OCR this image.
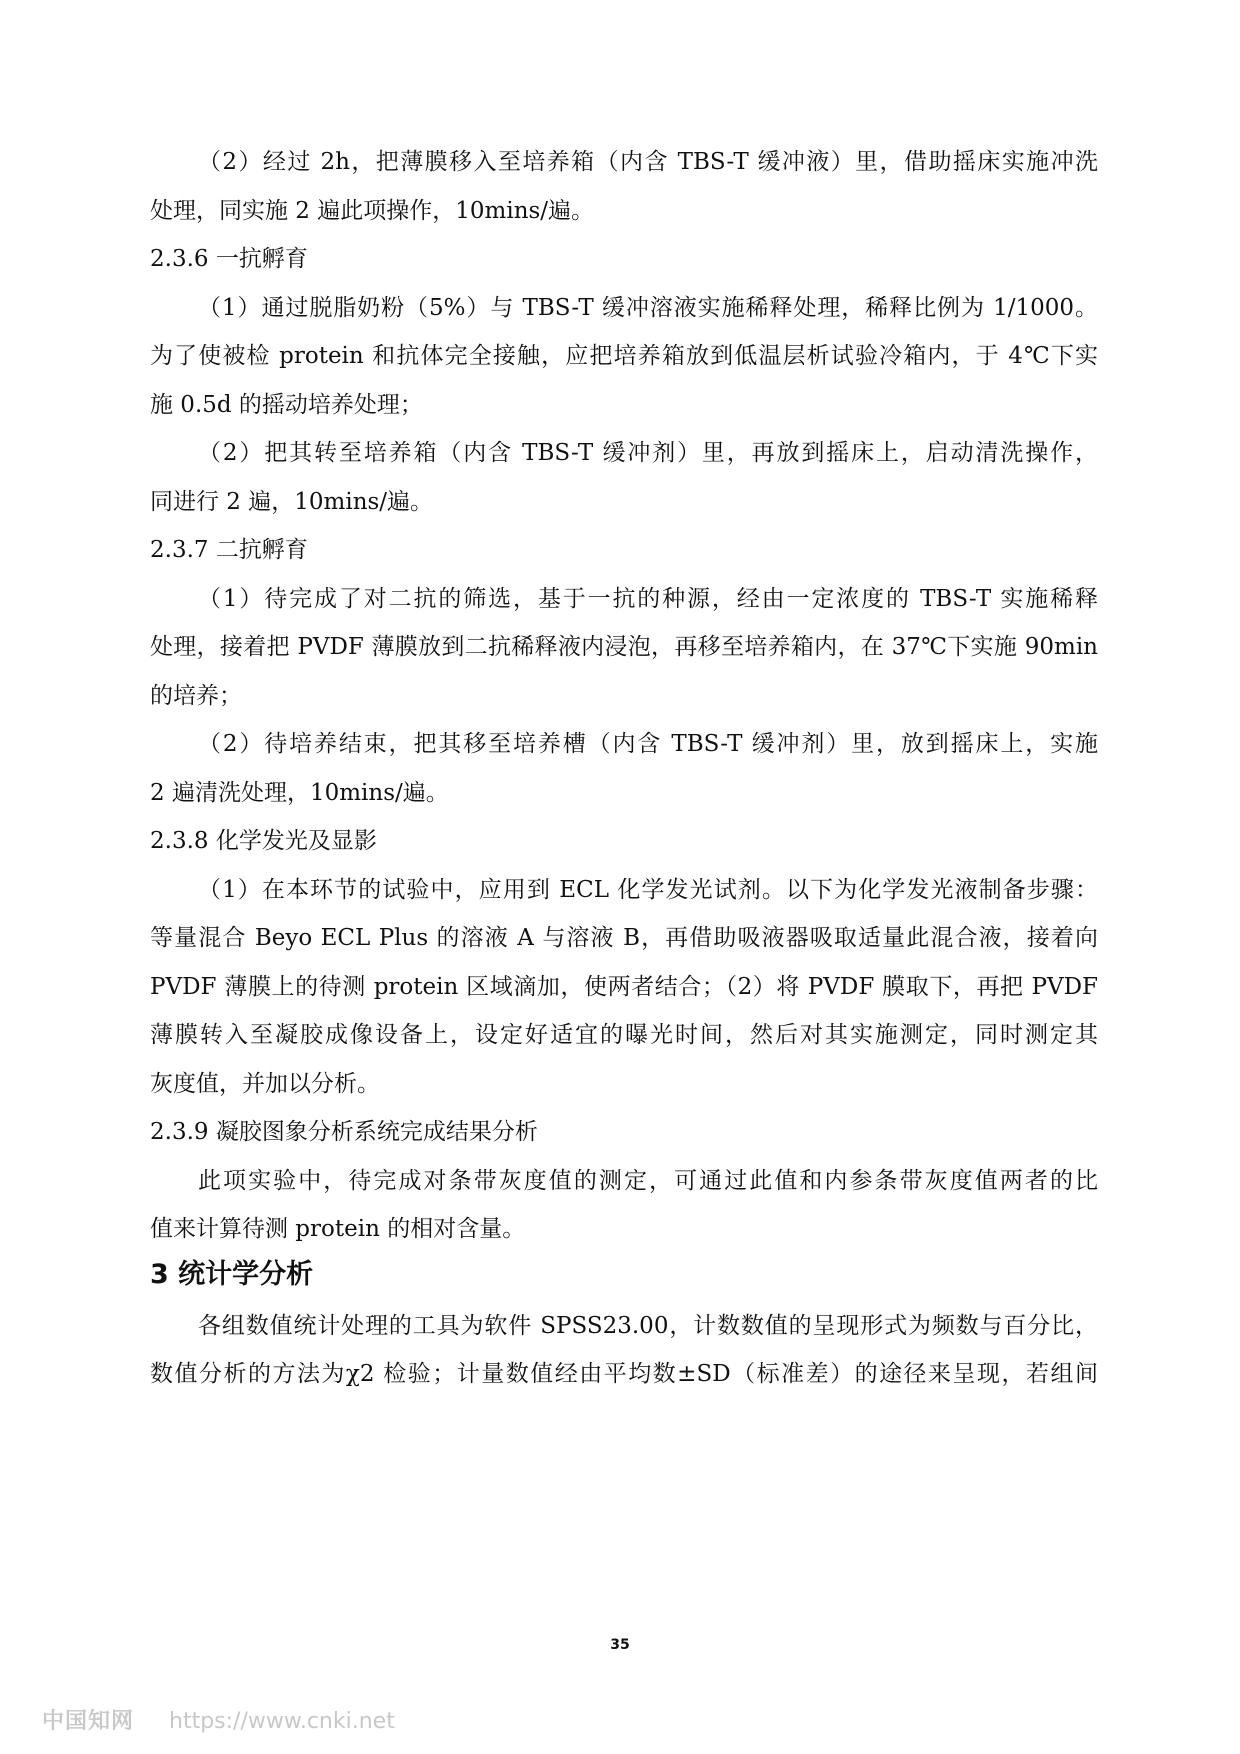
（2）经过 2h，把薄膜移入至培养箱（内含 TBS-T 缓冲液）里，借助摇床实施冲洗
处理，同实施 2 遍此项操作，10mins/遍。
2.3.6 一抗孵育
（1）通过脱脂奶粉（5%）与 TBS-T 缓冲溶液实施稀释处理，稀释比例为 1/1000。
为了使被检 protein 和抗体完全接触，应把培养箱放到低温层析试验冷箱内，于 4℃下实
施 0.5d 的摇动培养处理；
（2）把其转至培养箱（内含 TBS-T 缓冲剂）里，再放到摇床上，启动清洗操作，
同进行 2 遍，10mins/遍。
2.3.7 二抗孵育
（1）待完成了对二抗的筛选，基于一抗的种源，经由一定浓度的 TBS-T 实施稀释
处理，接着把 PVDF 薄膜放到二抗稀释液内浸泡，再移至培养箱内，在 37℃下实施 90min
的培养；
（2）待培养结束，把其移至培养槽（内含 TBS-T 缓冲剂）里，放到摇床上，实施
2 遍清洗处理，10mins/遍。
2.3.8 化学发光及显影
（1）在本环节的试验中，应用到 ECL 化学发光试剂。以下为化学发光液制备步骤：
等量混合 Beyo ECL Plus 的溶液 A 与溶液 B，再借助吸液器吸取适量此混合液，接着向
PVDF 薄膜上的待测 protein 区域滴加，使两者结合；（2）将 PVDF 膜取下，再把 PVDF
薄膜转入至凝胶成像设备上，设定好适宜的曝光时间，然后对其实施测定，同时测定其
灰度值，并加以分析。
2.3.9 凝胶图象分析系统完成结果分析
此项实验中，待完成对条带灰度值的测定，可通过此值和内参条带灰度值两者的比
值来计算待测 protein 的相对含量。
3 统计学分析
各组数值统计处理的工具为软件 SPSS23.00，计数数值的呈现形式为频数与百分比，
数值分析的方法为χ2 检验；计量数值经由平均数±SD（标准差）的途径来呈现，若组间
35
中国知网 https://www.cnki.net
